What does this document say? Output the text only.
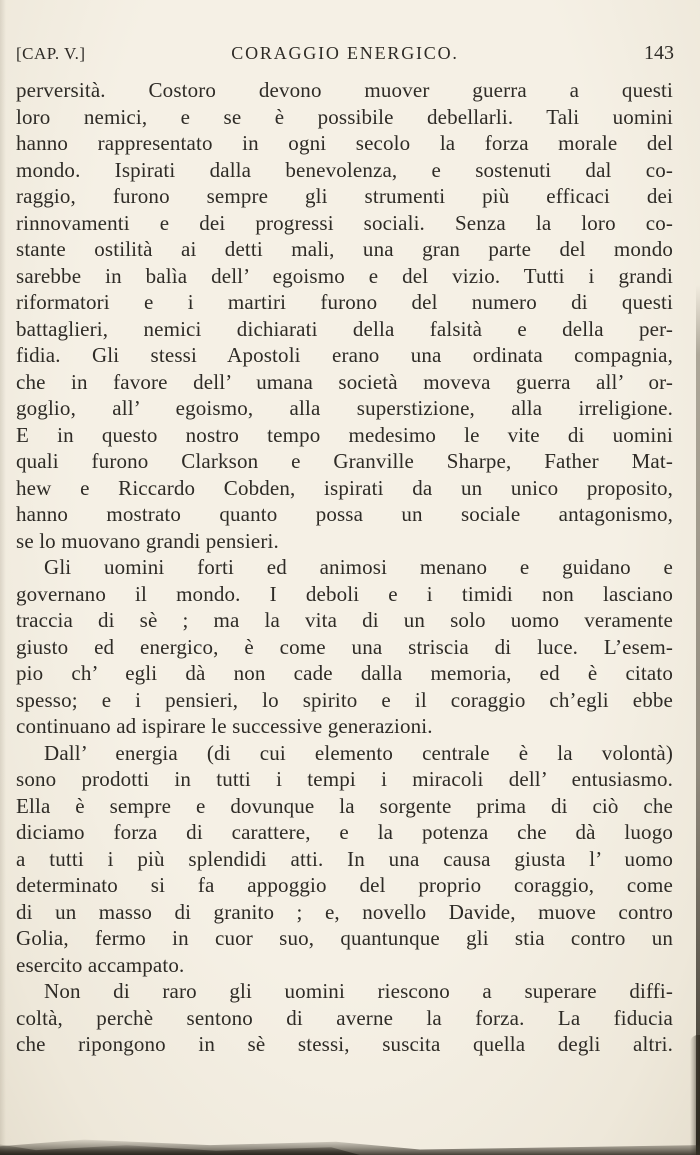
[CAP. V.]	CORAGGIO ENERGICO.	143
perversità. Costoro devono muover guerra a questi
loro nemici, e se è possibile debellarli. Tali uomini
hanno rappresentato in ogni secolo la forza morale del
mondo. Ispirati dalla benevolenza, e sostenuti dal co-
raggio, furono sempre gli strumenti più efficaci dei
rinnovamenti e dei progressi sociali. Senza la loro co-
stante ostilità ai detti mali, una gran parte del mondo
sarebbe in balìa dell’ egoismo e del vizio. Tutti i grandi
riformatori e i martiri furono del numero di questi
battaglieri, nemici dichiarati della falsità e della per-
fidia. Gli stessi Apostoli erano una ordinata compagnia,
che in favore dell’ umana società moveva guerra all’ or-
goglio, all’ egoismo, alla superstizione, alla irreligione.
E in questo nostro tempo medesimo le vite di uomini
quali furono Clarkson e Granville Sharpe, Father Mat-
hew e Riccardo Cobden, ispirati da un unico proposito,
hanno mostrato quanto possa un sociale antagonismo,
se lo muovano grandi pensieri.
Gli uomini forti ed animosi menano e guidano e
governano il mondo. I deboli e i timidi non lasciano
traccia di sè ; ma la vita di un solo uomo veramente
giusto ed energico, è come una striscia di luce. L’esem-
pio ch’ egli dà non cade dalla memoria, ed è citato
spesso; e i pensieri, lo spirito e il coraggio ch’egli ebbe
continuano ad ispirare le successive generazioni.
Dall’ energia (di cui elemento centrale è la volontà)
sono prodotti in tutti i tempi i miracoli dell’ entusiasmo.
Ella è sempre e dovunque la sorgente prima di ciò che
diciamo forza di carattere, e la potenza che dà luogo
a tutti i più splendidi atti. In una causa giusta l’ uomo
determinato si fa appoggio del proprio coraggio, come
di un masso di granito ; e, novello Davide, muove contro
Golia, fermo in cuor suo, quantunque gli stia contro un
esercito accampato.
Non di raro gli uomini riescono a superare diffi-
coltà, perchè sentono di averne la forza. La fiducia
che ripongono in sè stessi, suscita quella degli altri.
